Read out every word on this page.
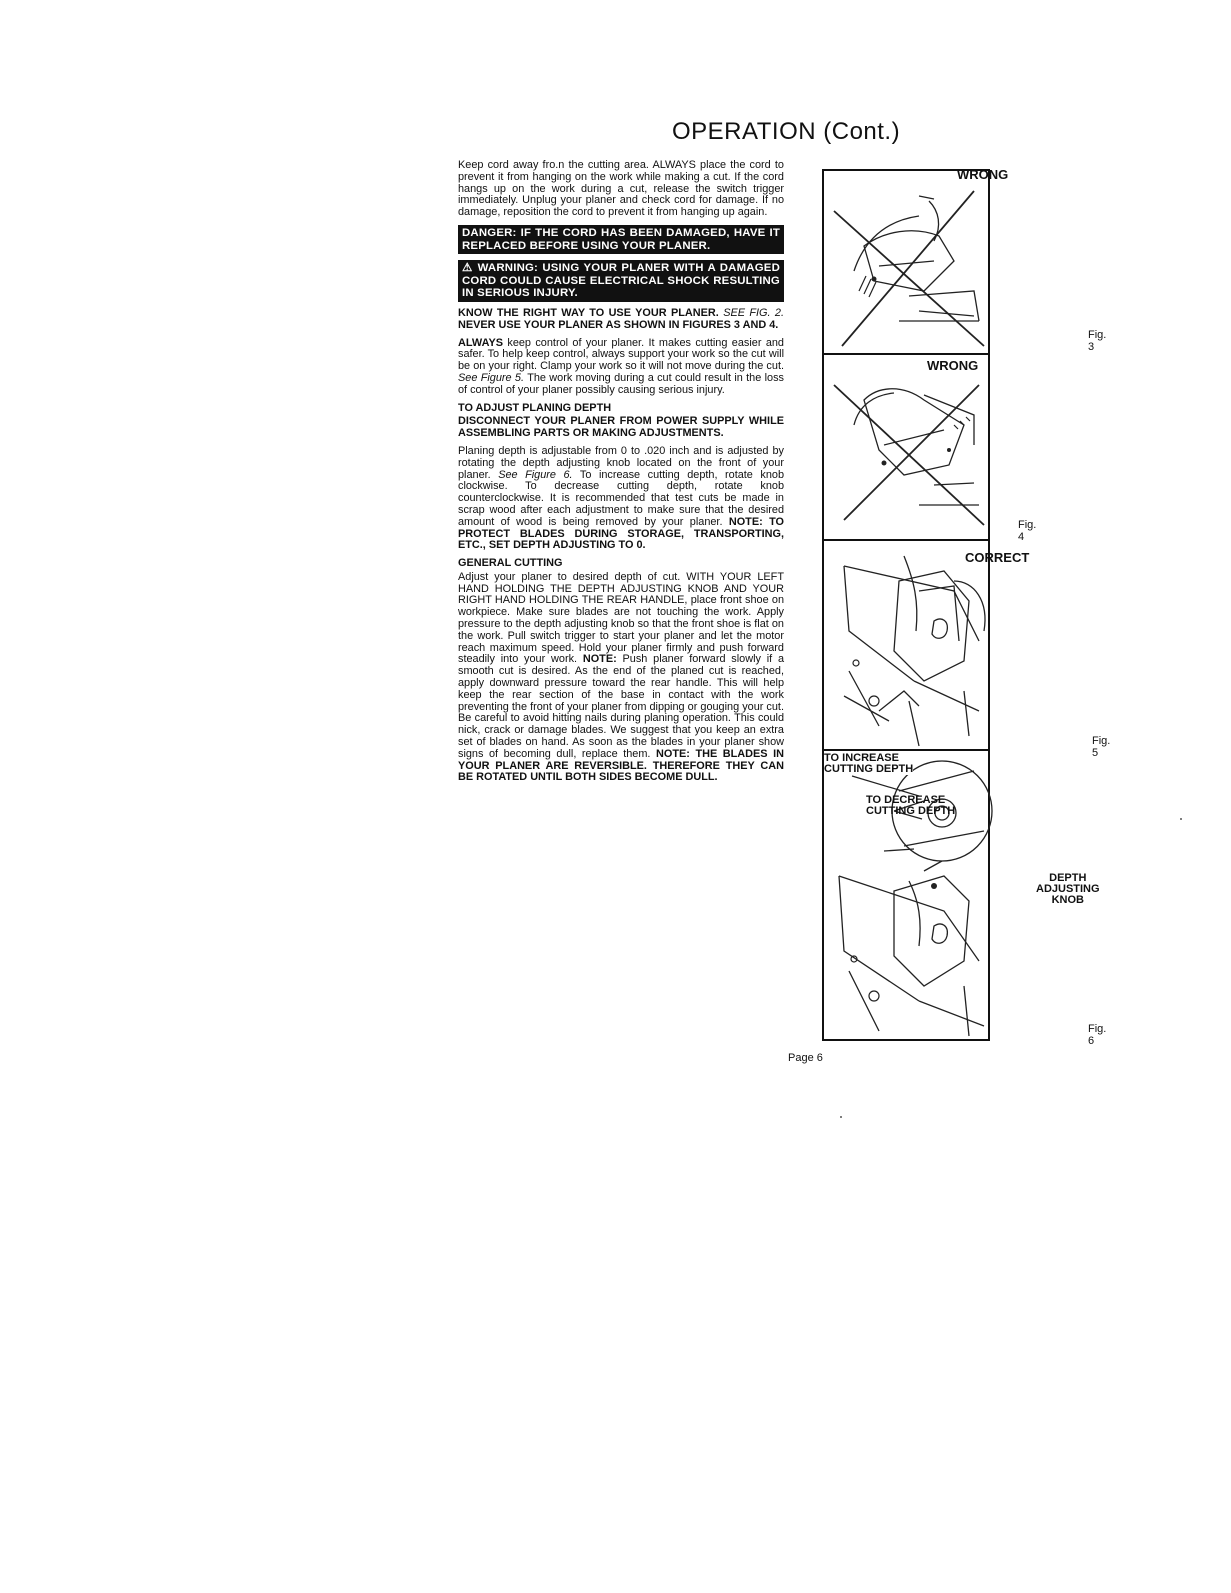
OPERATION (Cont.)

Keep cord away fro.n the cutting area. ALWAYS place the cord to prevent it from hanging on the work while making a cut. If the cord hangs up on the work during a cut, release the switch trigger immediately. Unplug your planer and check cord for damage. If no damage, reposition the cord to prevent it from hanging up again.

DANGER: IF THE CORD HAS BEEN DAMAGED, HAVE IT REPLACED BEFORE USING YOUR PLANER.
⚠ WARNING: USING YOUR PLANER WITH A DAMAGED CORD COULD CAUSE ELECTRICAL SHOCK RESULTING IN SERIOUS INJURY.

KNOW THE RIGHT WAY TO USE YOUR PLANER. SEE FIG. 2. NEVER USE YOUR PLANER AS SHOWN IN FIGURES 3 AND 4.

ALWAYS keep control of your planer. It makes cutting easier and safer. To help keep control, always support your work so the cut will be on your right. Clamp your work so it will not move during the cut. See Figure 5. The work moving during a cut could result in the loss of control of your planer possibly causing serious injury.

TO ADJUST PLANING DEPTH

DISCONNECT YOUR PLANER FROM POWER SUPPLY WHILE ASSEMBLING PARTS OR MAKING ADJUSTMENTS.

Planing depth is adjustable from 0 to .020 inch and is adjusted by rotating the depth adjusting knob located on the front of your planer. See Figure 6. To increase cutting depth, rotate knob clockwise. To decrease cutting depth, rotate knob counterclockwise. It is recommended that test cuts be made in scrap wood after each adjustment to make sure that the desired amount of wood is being removed by your planer. NOTE: TO PROTECT BLADES DURING STORAGE, TRANSPORTING, ETC., SET DEPTH ADJUSTING TO 0.

GENERAL CUTTING

Adjust your planer to desired depth of cut. WITH YOUR LEFT HAND HOLDING THE DEPTH ADJUSTING KNOB AND YOUR RIGHT HAND HOLDING THE REAR HANDLE, place front shoe on workpiece. Make sure blades are not touching the work. Apply pressure to the depth adjusting knob so that the front shoe is flat on the work. Pull switch trigger to start your planer and let the motor reach maximum speed. Hold your planer firmly and push forward steadily into your work. NOTE: Push planer forward slowly if a smooth cut is desired. As the end of the planed cut is reached, apply downward pressure toward the rear handle. This will help keep the rear section of the base in contact with the work preventing the front of your planer from dipping or gouging your cut. Be careful to avoid hitting nails during planing operation. This could nick, crack or damage blades. We suggest that you keep an extra set of blades on hand. As soon as the blades in your planer show signs of becoming dull, replace them. NOTE: THE BLADES IN YOUR PLANER ARE REVERSIBLE. THEREFORE THEY CAN BE ROTATED UNTIL BOTH SIDES BECOME DULL.

WRONG
Fig. 3
WRONG
Fig. 4
CORRECT
Fig. 5
TO INCREASE
CUTTING DEPTH
TO DECREASE
CUTTING DEPTH
DEPTH
ADJUSTING
KNOB
Fig. 6
Page 6
